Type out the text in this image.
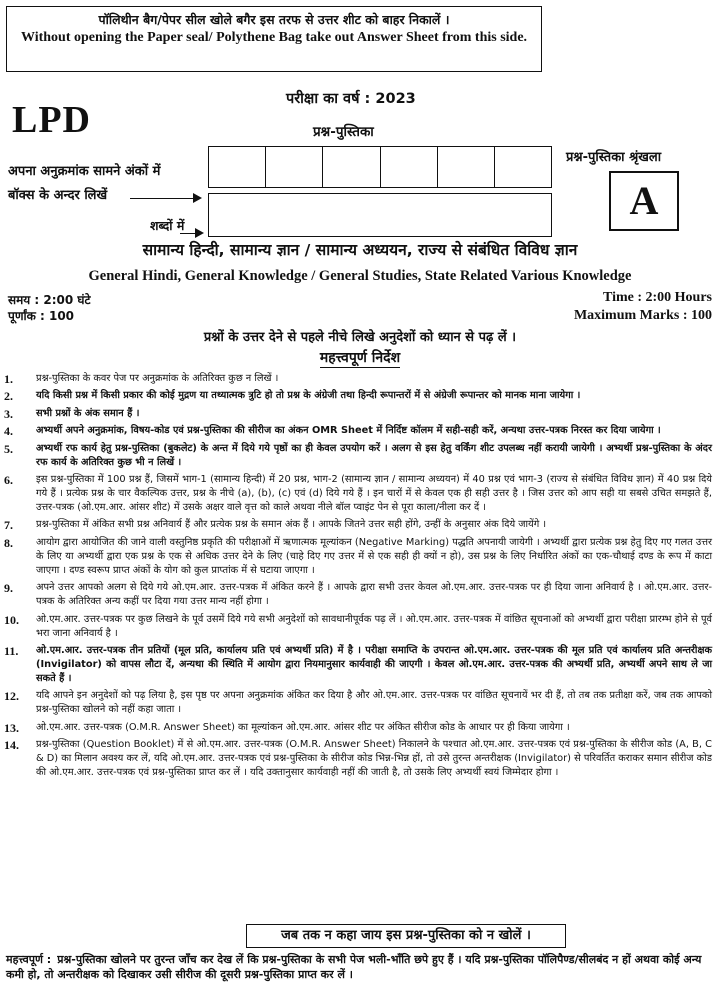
पॉलिथीन बैग/पेपर सील खोले बगैर इस तरफ से उत्तर शीट को बाहर निकालें ।
Without opening the Paper seal/ Polythene Bag take out Answer Sheet from this side.
LPD	परीक्षा का वर्ष : 2023
प्रश्न-पुस्तिका
अपना अनुक्रमांक सामने अंकों में
बॉक्स के अन्दर लिखें
शब्दों में
प्रश्न-पुस्तिका श्रृंखला
A
सामान्य हिन्दी, सामान्य ज्ञान / सामान्य अध्ययन, राज्य से संबंधित विविध ज्ञान
General Hindi, General Knowledge / General Studies, State Related Various Knowledge
समय : 2:00 घंटे
पूर्णांक : 100
Time : 2:00 Hours
Maximum Marks : 100
प्रश्नों के उत्तर देने से पहले नीचे लिखे अनुदेशों को ध्यान से पढ़ लें ।
महत्त्वपूर्ण निर्देश
1. प्रश्न-पुस्तिका के कवर पेज पर अनुक्रमांक के अतिरिक्त कुछ न लिखें ।
2. यदि किसी प्रश्न में किसी प्रकार की कोई मुद्रण या तथ्यात्मक त्रुटि हो तो प्रश्न के अंग्रेजी तथा हिन्दी रूपान्तरों में से अंग्रेजी रूपान्तर को मानक माना जायेगा ।
3. सभी प्रश्नों के अंक समान हैं ।
4. अभ्यर्थी अपने अनुक्रमांक, विषय-कोड एवं प्रश्न-पुस्तिका की सीरीज का अंकन OMR Sheet में निर्दिष्ट कॉलम में सही-सही करें, अन्यथा उत्तर-पत्रक निरस्त कर दिया जायेगा ।
5. अभ्यर्थी रफ कार्य हेतु प्रश्न-पुस्तिका (बुकलेट) के अन्त में दिये गये पृष्ठों का ही केवल उपयोग करें । अलग से इस हेतु वर्किंग शीट उपलब्ध नहीं करायी जायेगी । अभ्यर्थी प्रश्न-पुस्तिका के अंदर रफ कार्य के अतिरिक्त कुछ भी न लिखें ।
6. इस प्रश्न-पुस्तिका में 100 प्रश्न हैं, जिसमें भाग-1 (सामान्य हिन्दी) में 20 प्रश्न, भाग-2 (सामान्य ज्ञान / सामान्य अध्ययन) में 40 प्रश्न एवं भाग-3 (राज्य से संबंधित विविध ज्ञान) में 40 प्रश्न दिये गये हैं । प्रत्येक प्रश्न के चार वैकल्पिक उत्तर, प्रश्न के नीचे (a), (b), (c) एवं (d) दिये गये हैं । इन चारों में से केवल एक ही सही उत्तर है । जिस उत्तर को आप सही या सबसे उचित समझते हैं, उत्तर-पत्रक (ओ.एम.आर. आंसर शीट) में उसके अक्षर वाले वृत्त को काले अथवा नीले बॉल प्वाइंट पेन से पूरा काला/नीला कर दें ।
7. प्रश्न-पुस्तिका में अंकित सभी प्रश्न अनिवार्य हैं और प्रत्येक प्रश्न के समान अंक हैं । आपके जितने उत्तर सही होंगे, उन्हीं के अनुसार अंक दिये जायेंगे ।
8. आयोग द्वारा आयोजित की जाने वाली वस्तुनिष्ठ प्रकृति की परीक्षाओं में ऋणात्मक मूल्यांकन (Negative Marking) पद्धति अपनायी जायेगी । अभ्यर्थी द्वारा प्रत्येक प्रश्न हेतु दिए गए गलत उत्तर के लिए या अभ्यर्थी द्वारा एक प्रश्न के एक से अधिक उत्तर देने के लिए (चाहे दिए गए उत्तर में से एक सही ही क्यों न हो), उस प्रश्न के लिए निर्धारित अंकों का एक-चौथाई दण्ड के रूप में काटा जाएगा । दण्ड स्वरूप प्राप्त अंकों के योग को कुल प्राप्तांक में से घटाया जाएगा ।
9. अपने उत्तर आपको अलग से दिये गये ओ.एम.आर. उत्तर-पत्रक में अंकित करने हैं । आपके द्वारा सभी उत्तर केवल ओ.एम.आर. उत्तर-पत्रक पर ही दिया जाना अनिवार्य है । ओ.एम.आर. उत्तर-पत्रक के अतिरिक्त अन्य कहीं पर दिया गया उत्तर मान्य नहीं होगा ।
10. ओ.एम.आर. उत्तर-पत्रक पर कुछ लिखने के पूर्व उसमें दिये गये सभी अनुदेशों को सावधानीपूर्वक पढ़ लें । ओ.एम.आर. उत्तर-पत्रक में वांछित सूचनाओं को अभ्यर्थी द्वारा परीक्षा प्रारम्भ होने से पूर्व भरा जाना अनिवार्य है ।
11. ओ.एम.आर. उत्तर-पत्रक तीन प्रतियों (मूल प्रति, कार्यालय प्रति एवं अभ्यर्थी प्रति) में है । परीक्षा समाप्ति के उपरान्त ओ.एम.आर. उत्तर-पत्रक की मूल प्रति एवं कार्यालय प्रति अन्तरीक्षक (Invigilator) को वापस लौटा दें, अन्यथा की स्थिति में आयोग द्वारा नियमानुसार कार्यवाही की जाएगी । केवल ओ.एम.आर. उत्तर-पत्रक की अभ्यर्थी प्रति, अभ्यर्थी अपने साथ ले जा सकते हैं ।
12. यदि आपने इन अनुदेशों को पढ़ लिया है, इस पृष्ठ पर अपना अनुक्रमांक अंकित कर दिया है और ओ.एम.आर. उत्तर-पत्रक पर वांछित सूचनायें भर दी हैं, तो तब तक प्रतीक्षा करें, जब तक आपको प्रश्न-पुस्तिका खोलने को नहीं कहा जाता ।
13. ओ.एम.आर. उत्तर-पत्रक (O.M.R. Answer Sheet) का मूल्यांकन ओ.एम.आर. आंसर शीट पर अंकित सीरीज कोड के आधार पर ही किया जायेगा ।
14. प्रश्न-पुस्तिका (Question Booklet) में से ओ.एम.आर. उत्तर-पत्रक (O.M.R. Answer Sheet) निकालने के पश्चात ओ.एम.आर. उत्तर-पत्रक एवं प्रश्न-पुस्तिका के सीरीज कोड (A, B, C & D) का मिलान अवश्य कर लें, यदि ओ.एम.आर. उत्तर-पत्रक एवं प्रश्न-पुस्तिका के सीरीज कोड भिन्न-भिन्न हों, तो उसे तुरन्त अन्तरीक्षक (Invigilator) से परिवर्तित कराकर समान सीरीज कोड की ओ.एम.आर. उत्तर-पत्रक एवं प्रश्न-पुस्तिका प्राप्त कर लें । यदि उक्तानुसार कार्यवाही नहीं की जाती है, तो उसके लिए अभ्यर्थी स्वयं जिम्मेदार होगा ।
जब तक न कहा जाय इस प्रश्न-पुस्तिका को न खोलें ।
महत्त्वपूर्ण : प्रश्न-पुस्तिका खोलने पर तुरन्त जाँच कर देख लें कि प्रश्न-पुस्तिका के सभी पेज भली-भाँति छपे हुए हैं । यदि प्रश्न-पुस्तिका पॉलिपैण्ड/सीलबंद न हों अथवा कोई अन्य कमी हो, तो अन्तरीक्षक को दिखाकर उसी सीरीज की दूसरी प्रश्न-पुस्तिका प्राप्त कर लें ।
